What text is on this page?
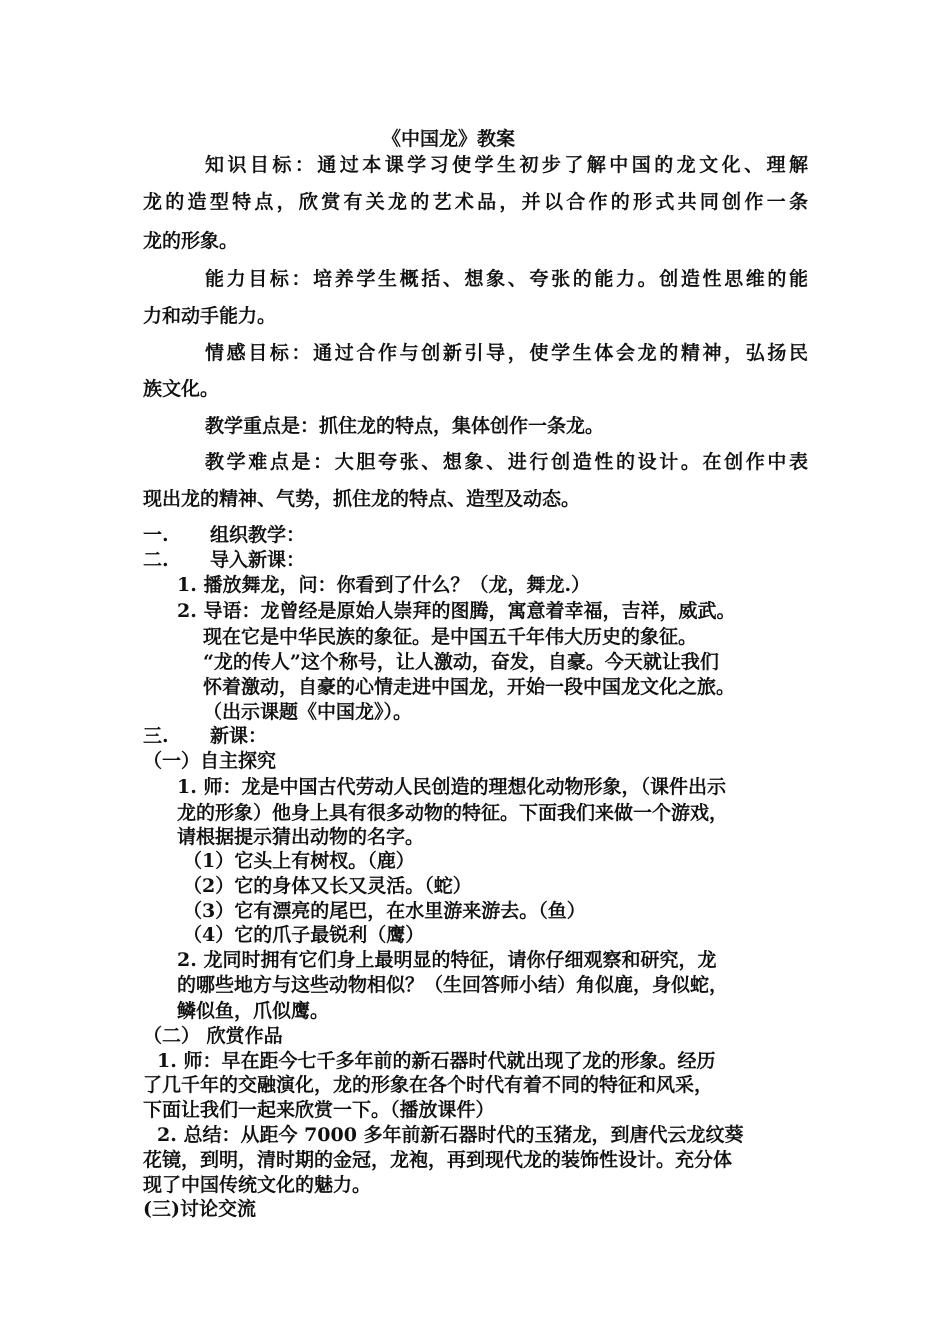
《中国龙》教案
知识目标：通过本课学习使学生初步了解中国的龙文化、理解
龙的造型特点，欣赏有关龙的艺术品，并以合作的形式共同创作一条
龙的形象。
能力目标：培养学生概括、想象、夸张的能力。创造性思维的能
力和动手能力。
情感目标：通过合作与创新引导，使学生体会龙的精神，弘扬民
族文化。
教学重点是：抓住龙的特点，集体创作一条龙。
教学难点是：大胆夸张、想象、进行创造性的设计。在创作中表
现出龙的精神、气势，抓住龙的特点、造型及动态。
一. 组织教学：
二. 导入新课：
1. 播放舞龙，问：你看到了什么？（龙，舞龙.）
2. 导语：龙曾经是原始人崇拜的图腾，寓意着幸福，吉祥，威武。
现在它是中华民族的象征。是中国五千年伟大历史的象征。
“龙的传人”这个称号，让人激动，奋发，自豪。今天就让我们
怀着激动，自豪的心情走进中国龙，开始一段中国龙文化之旅。
（出示课题《中国龙》）。
三. 新课：
（一）自主探究
1. 师：龙是中国古代劳动人民创造的理想化动物形象，（课件出示
龙的形象）他身上具有很多动物的特征。下面我们来做一个游戏，
请根据提示猜出动物的名字。
（1）它头上有树杈。（鹿）
（2）它的身体又长又灵活。（蛇）
（3）它有漂亮的尾巴，在水里游来游去。（鱼）
（4）它的爪子最锐利（鹰）
2. 龙同时拥有它们身上最明显的特征，请你仔细观察和研究，龙
的哪些地方与这些动物相似？（生回答师小结）角似鹿，身似蛇，
鳞似鱼，爪似鹰。
（二） 欣赏作品
1. 师：早在距今七千多年前的新石器时代就出现了龙的形象。经历
了几千年的交融演化，龙的形象在各个时代有着不同的特征和风采，
下面让我们一起来欣赏一下。（播放课件）
2. 总结：从距今 7000 多年前新石器时代的玉猪龙，到唐代云龙纹葵
花镜，到明，清时期的金冠，龙袍，再到现代龙的装饰性设计。充分体
现了中国传统文化的魅力。
(三)讨论交流
